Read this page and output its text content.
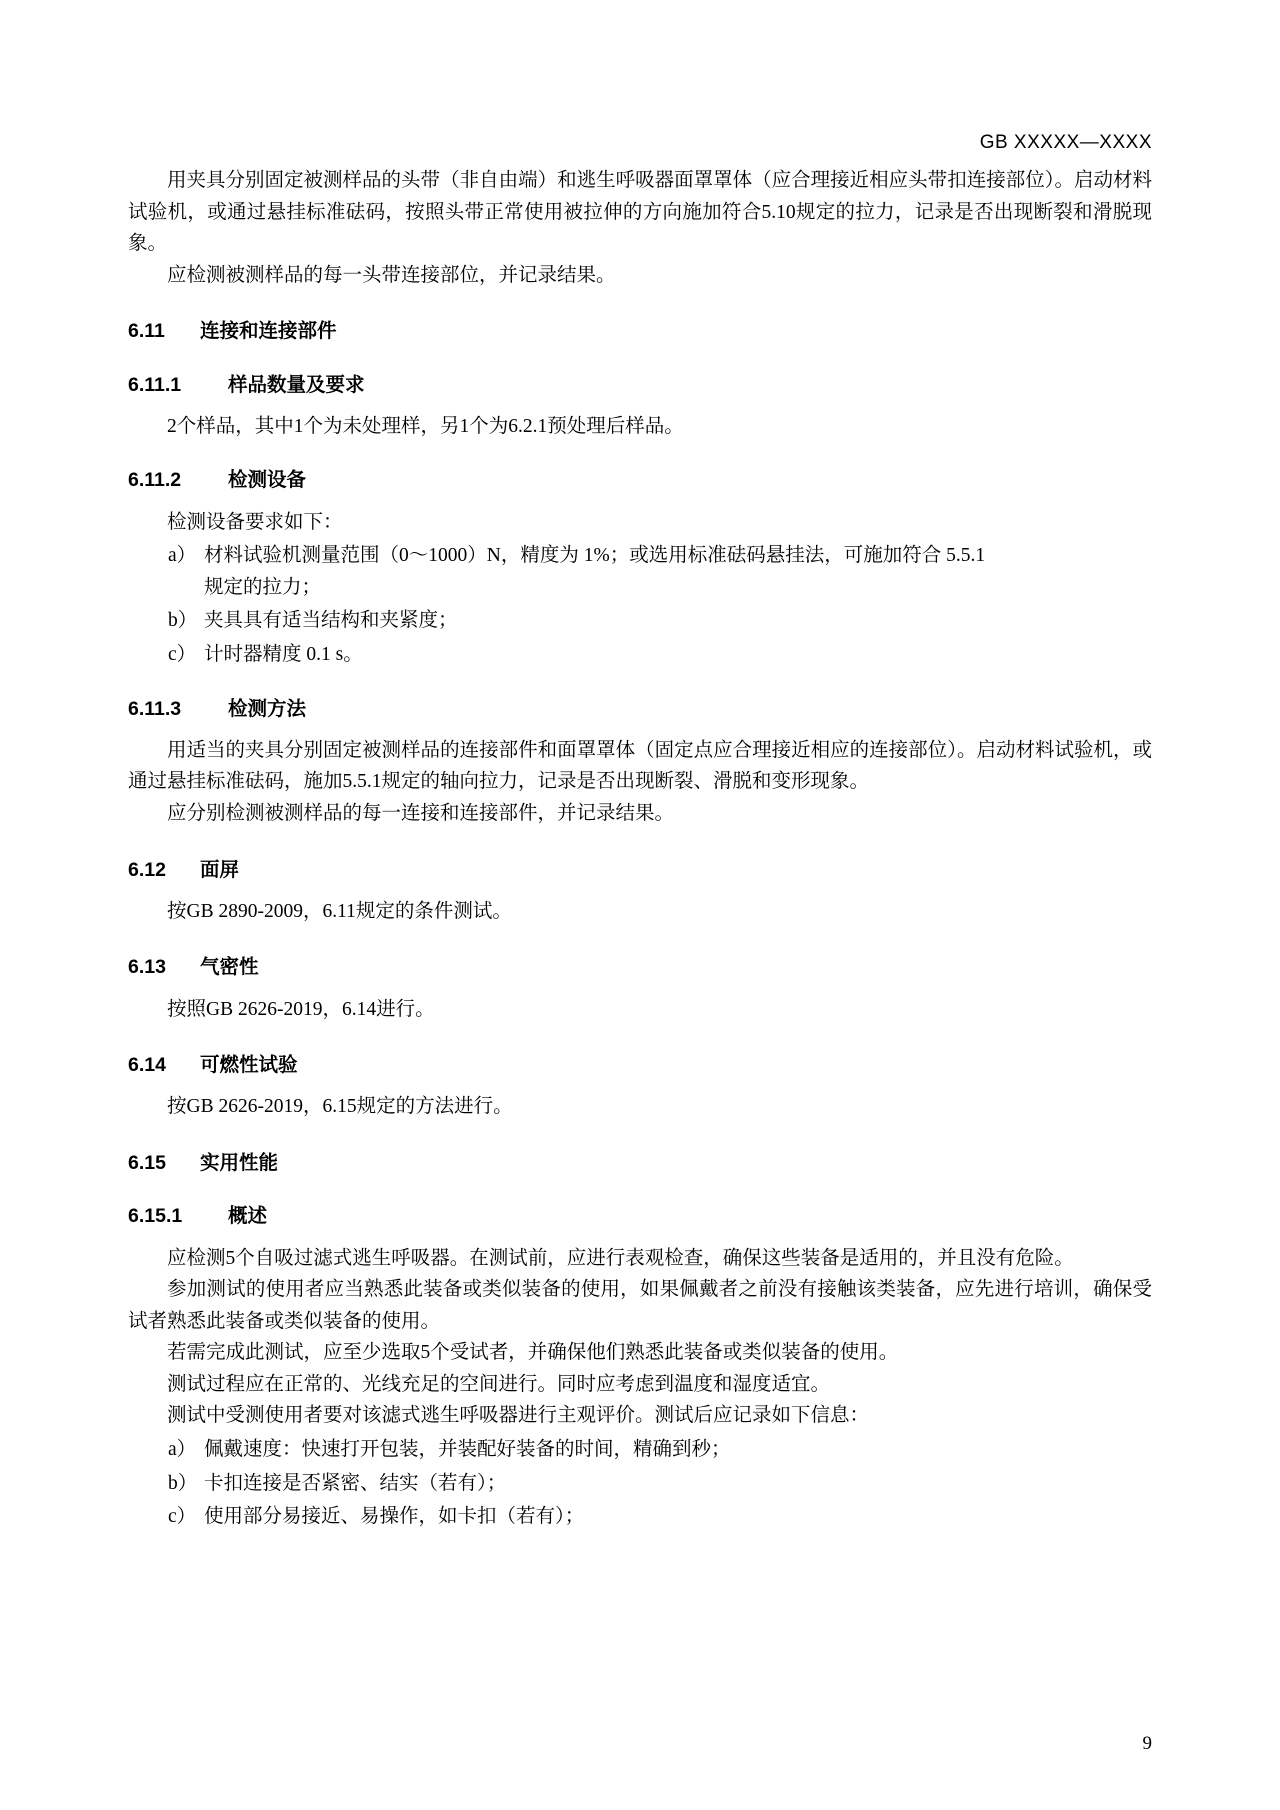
GB XXXXX—XXXX

用夹具分别固定被测样品的头带（非自由端）和逃生呼吸器面罩罩体（应合理接近相应头带扣连接部位）。启动材料试验机，或通过悬挂标准砝码，按照头带正常使用被拉伸的方向施加符合5.10规定的拉力，记录是否出现断裂和滑脱现象。

应检测被测样品的每一头带连接部位，并记录结果。

6.11 连接和连接部件
6.11.1 样品数量及要求

2个样品，其中1个为未处理样，另1个为6.2.1预处理后样品。

6.11.2 检测设备

检测设备要求如下：

a） 材料试验机测量范围（0～1000）N，精度为 1%；或选用标准砝码悬挂法，可施加符合 5.5.1
规定的拉力；
b） 夹具具有适当结构和夹紧度；
c） 计时器精度 0.1 s。
6.11.3 检测方法

用适当的夹具分别固定被测样品的连接部件和面罩罩体（固定点应合理接近相应的连接部位）。启动材料试验机，或通过悬挂标准砝码，施加5.5.1规定的轴向拉力，记录是否出现断裂、滑脱和变形现象。

应分别检测被测样品的每一连接和连接部件，并记录结果。

6.12 面屏

按GB 2890-2009，6.11规定的条件测试。

6.13 气密性

按照GB 2626-2019，6.14进行。

6.14 可燃性试验

按GB 2626-2019，6.15规定的方法进行。

6.15 实用性能
6.15.1 概述

应检测5个自吸过滤式逃生呼吸器。在测试前，应进行表观检查，确保这些装备是适用的，并且没有危险。

参加测试的使用者应当熟悉此装备或类似装备的使用，如果佩戴者之前没有接触该类装备，应先进行培训，确保受试者熟悉此装备或类似装备的使用。

若需完成此测试，应至少选取5个受试者，并确保他们熟悉此装备或类似装备的使用。

测试过程应在正常的、光线充足的空间进行。同时应考虑到温度和湿度适宜。

测试中受测使用者要对该滤式逃生呼吸器进行主观评价。测试后应记录如下信息：

a） 佩戴速度：快速打开包装，并装配好装备的时间，精确到秒；
b） 卡扣连接是否紧密、结实（若有）；
c） 使用部分易接近、易操作，如卡扣（若有）；
9
